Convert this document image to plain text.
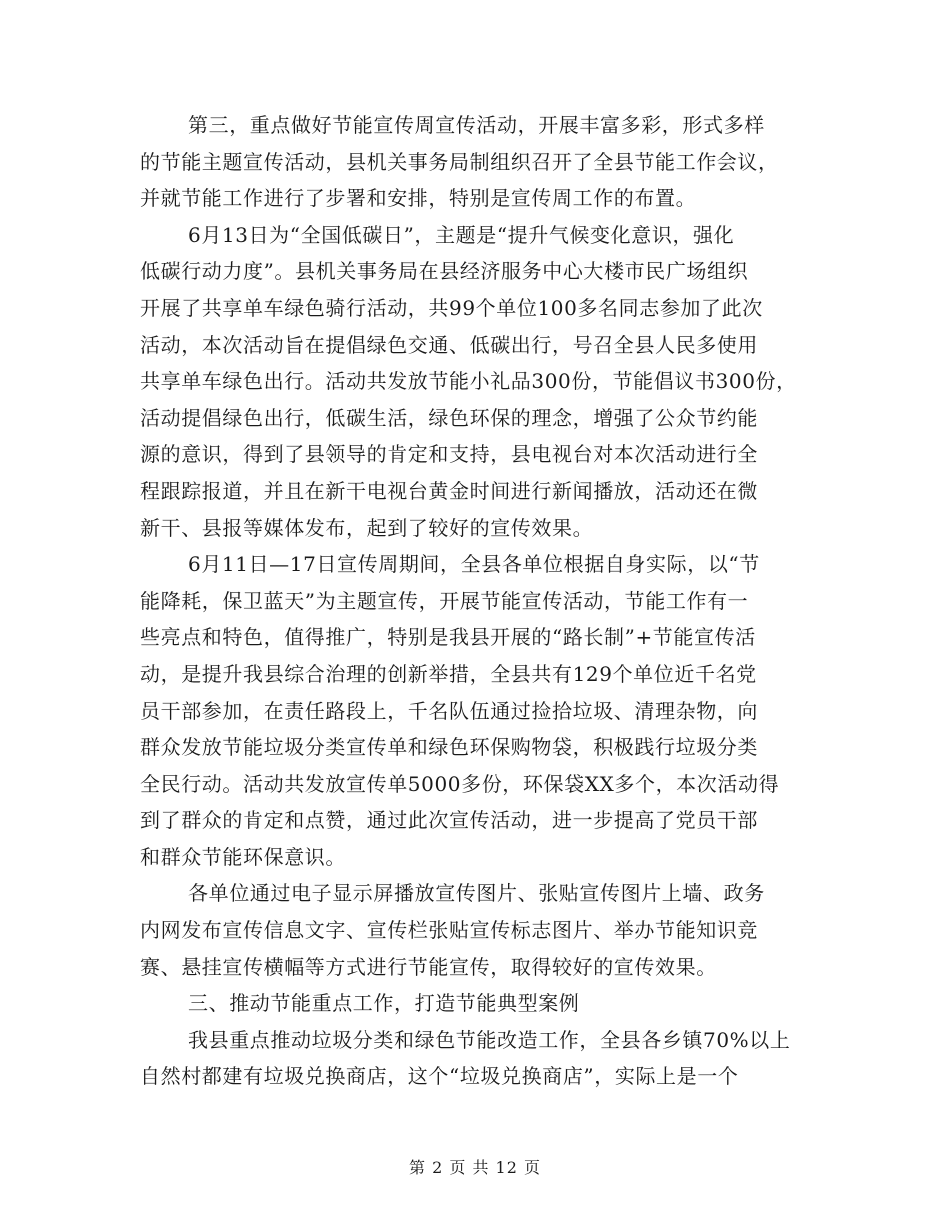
第三，重点做好节能宣传周宣传活动，开展丰富多彩，形式多样
的节能主题宣传活动，县机关事务局制组织召开了全县节能工作会议，
并就节能工作进行了步署和安排，特别是宣传周工作的布置。
6月13日为“全国低碳日”，主题是“提升气候变化意识，强化
低碳行动力度”。县机关事务局在县经济服务中心大楼市民广场组织
开展了共享单车绿色骑行活动，共99个单位100多名同志参加了此次
活动，本次活动旨在提倡绿色交通、低碳出行，号召全县人民多使用
共享单车绿色出行。活动共发放节能小礼品300份，节能倡议书300份，
活动提倡绿色出行，低碳生活，绿色环保的理念，增强了公众节约能
源的意识，得到了县领导的肯定和支持，县电视台对本次活动进行全
程跟踪报道，并且在新干电视台黄金时间进行新闻播放，活动还在微
新干、县报等媒体发布，起到了较好的宣传效果。
6月11日—17日宣传周期间，全县各单位根据自身实际，以“节
能降耗，保卫蓝天”为主题宣传，开展节能宣传活动，节能工作有一
些亮点和特色，值得推广，特别是我县开展的“路长制”+节能宣传活
动，是提升我县综合治理的创新举措，全县共有129个单位近千名党
员干部参加，在责任路段上，千名队伍通过捡拾垃圾、清理杂物，向
群众发放节能垃圾分类宣传单和绿色环保购物袋，积极践行垃圾分类
全民行动。活动共发放宣传单5000多份，环保袋XX多个，本次活动得
到了群众的肯定和点赞，通过此次宣传活动，进一步提高了党员干部
和群众节能环保意识。
各单位通过电子显示屏播放宣传图片、张贴宣传图片上墙、政务
内网发布宣传信息文字、宣传栏张贴宣传标志图片、举办节能知识竞
赛、悬挂宣传横幅等方式进行节能宣传，取得较好的宣传效果。
三、推动节能重点工作，打造节能典型案例
我县重点推动垃圾分类和绿色节能改造工作，全县各乡镇70%以上
自然村都建有垃圾兑换商店，这个“垃圾兑换商店”，实际上是一个
第 2 页 共 12 页
